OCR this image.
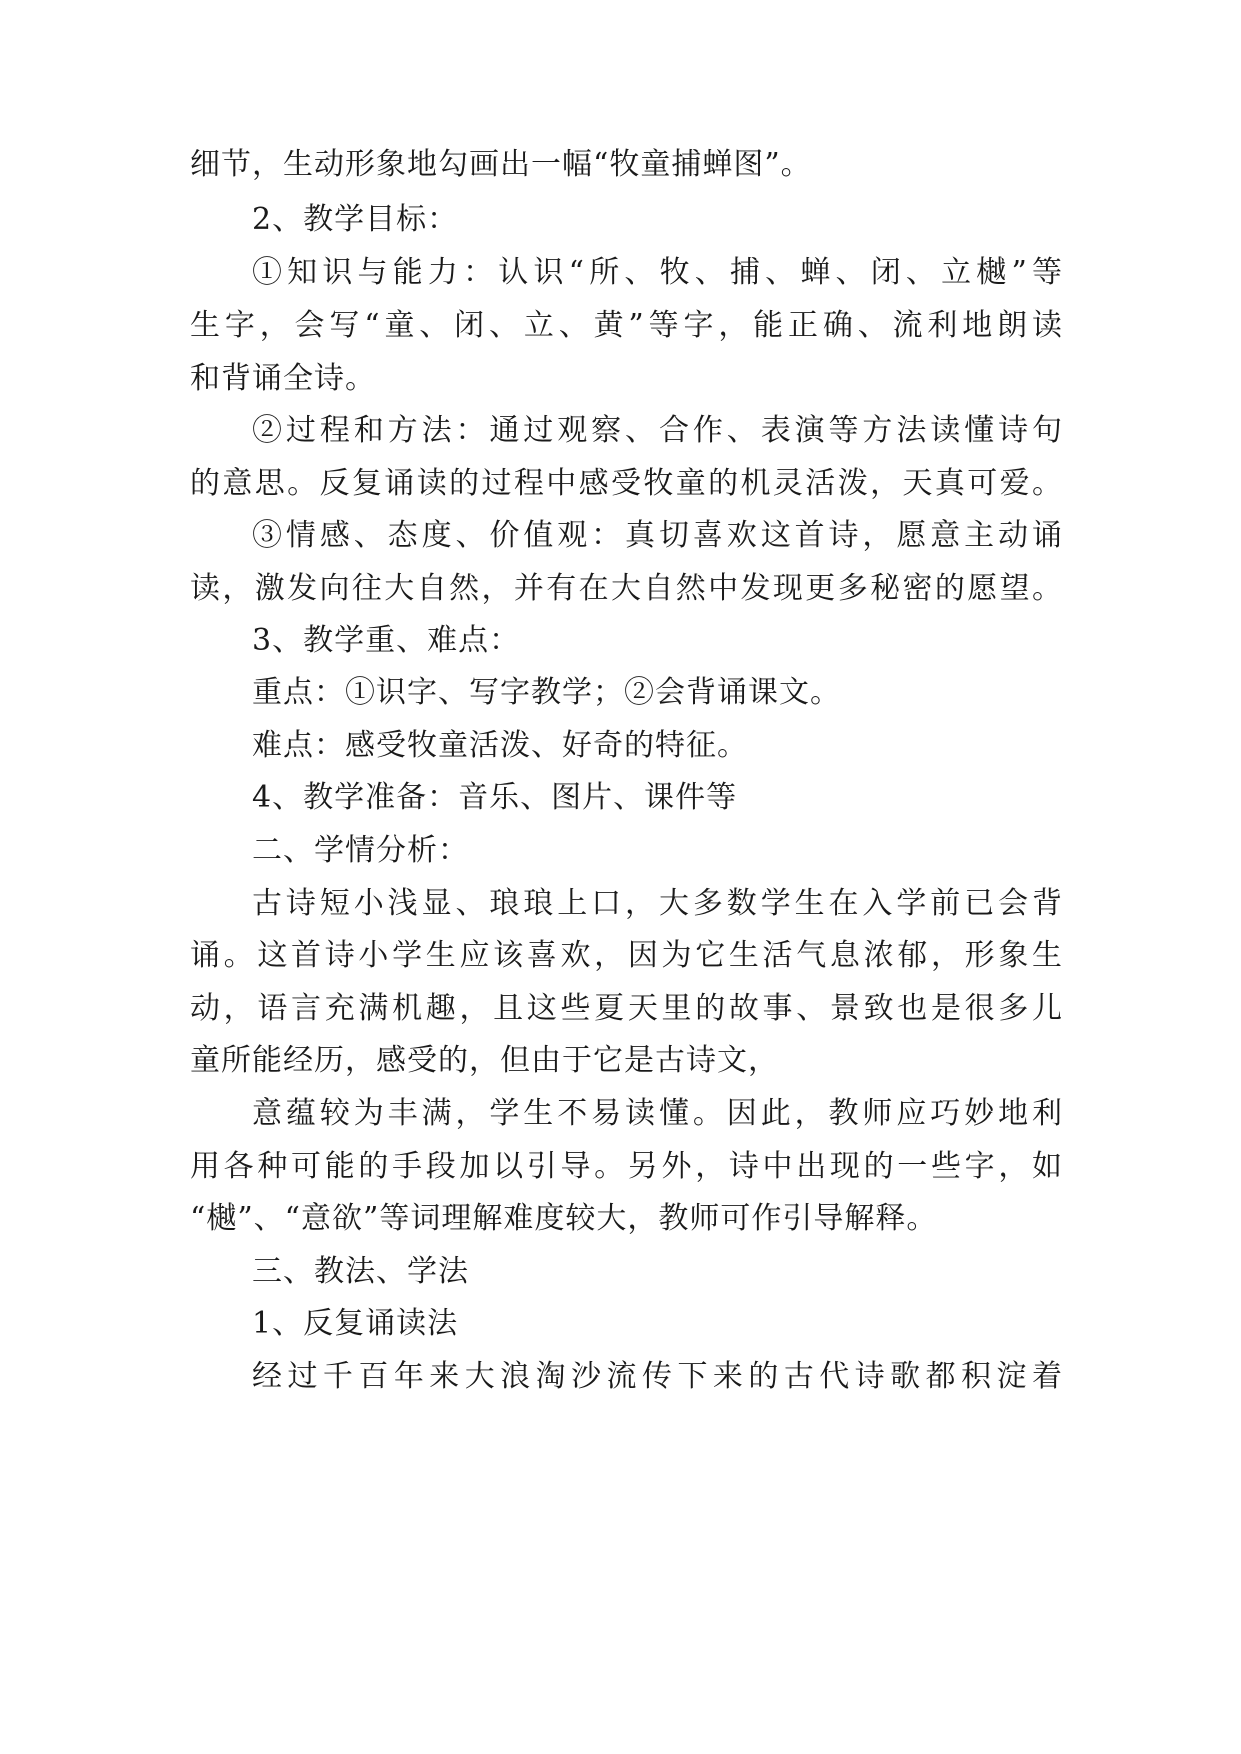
细节，生动形象地勾画出一幅“牧童捕蝉图”。
2、教学目标：
①知识与能力：认识“所、牧、捕、蝉、闭、立樾”等
生字，会写“童、闭、立、黄”等字，能正确、流利地朗读
和背诵全诗。
②过程和方法：通过观察、合作、表演等方法读懂诗句
的意思。反复诵读的过程中感受牧童的机灵活泼，天真可爱。
③情感、态度、价值观：真切喜欢这首诗，愿意主动诵
读，激发向往大自然，并有在大自然中发现更多秘密的愿望。
3、教学重、难点：
重点：①识字、写字教学；②会背诵课文。
难点：感受牧童活泼、好奇的特征。
4、教学准备：音乐、图片、课件等
二、学情分析：
古诗短小浅显、琅琅上口，大多数学生在入学前已会背
诵。这首诗小学生应该喜欢，因为它生活气息浓郁，形象生
动，语言充满机趣，且这些夏天里的故事、景致也是很多儿
童所能经历，感受的，但由于它是古诗文，
意蕴较为丰满，学生不易读懂。因此，教师应巧妙地利
用各种可能的手段加以引导。另外，诗中出现的一些字，如
“樾”、“意欲”等词理解难度较大，教师可作引导解释。
三、教法、学法
1、反复诵读法
经过千百年来大浪淘沙流传下来的古代诗歌都积淀着
